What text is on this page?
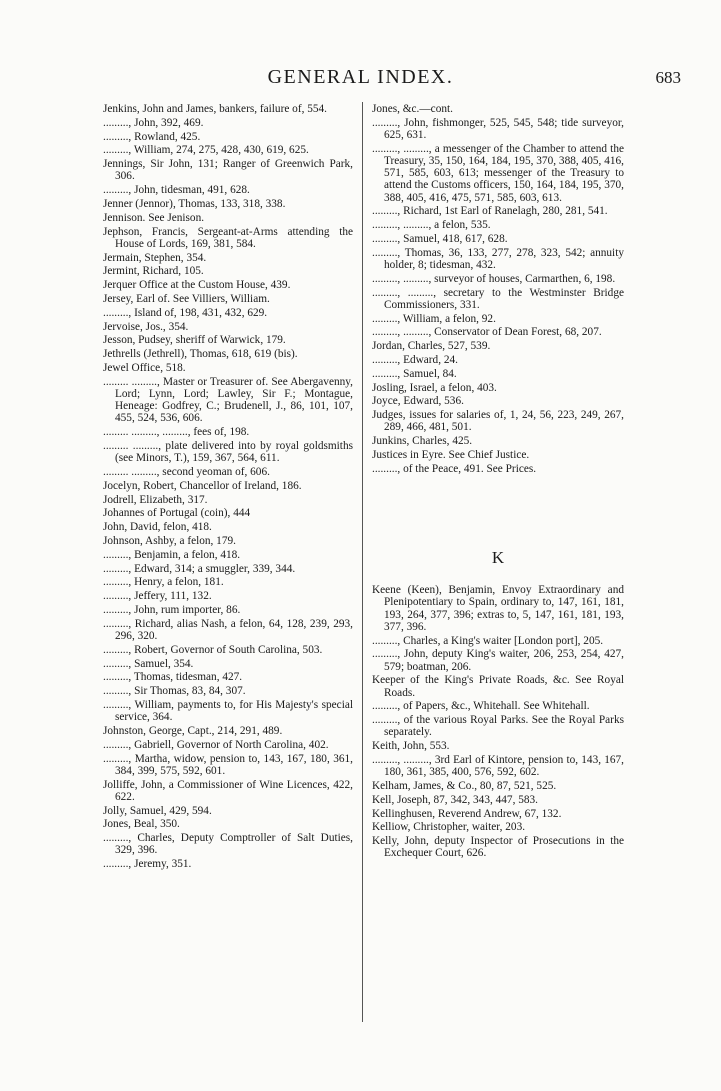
GENERAL INDEX.	683
Jenkins, John and James, bankers, failure of, 554.
........., John, 392, 469.
........., Rowland, 425.
........., William, 274, 275, 428, 430, 619, 625.
Jennings, Sir John, 131; Ranger of Greenwich Park, 306.
........., John, tidesman, 491, 628.
Jenner (Jennor), Thomas, 133, 318, 338.
Jennison. See Jenison.
Jephson, Francis, Sergeant-at-Arms attending the House of Lords, 169, 381, 584.
Jermain, Stephen, 354.
Jermint, Richard, 105.
Jerquer Office at the Custom House, 439.
Jersey, Earl of. See Villiers, William.
........., Island of, 198, 431, 432, 629.
Jervoise, Jos., 354.
Jesson, Pudsey, sheriff of Warwick, 179.
Jethrells (Jethrell), Thomas, 618, 619 (bis).
Jewel Office, 518.
......... ........., Master or Treasurer of. See Abergavenny, Lord; Lynn, Lord; Lawley, Sir F.; Montague, Heneage: Godfrey, C.; Brudenell, J., 86, 101, 107, 455, 524, 536, 606.
......... ........., ........., fees of, 198.
......... ........., plate delivered into by royal goldsmiths (see Minors, T.), 159, 367, 564, 611.
......... ........., second yeoman of, 606.
Jocelyn, Robert, Chancellor of Ireland, 186.
Jodrell, Elizabeth, 317.
Johannes of Portugal (coin), 444
John, David, felon, 418.
Johnson, Ashby, a felon, 179.
........., Benjamin, a felon, 418.
........., Edward, 314; a smuggler, 339, 344.
........., Henry, a felon, 181.
........., Jeffery, 111, 132.
........., John, rum importer, 86.
........., Richard, alias Nash, a felon, 64, 128, 239, 293, 296, 320.
........., Robert, Governor of South Carolina, 503.
........., Samuel, 354.
........., Thomas, tidesman, 427.
........., Sir Thomas, 83, 84, 307.
........., William, payments to, for His Majesty's special service, 364.
Johnston, George, Capt., 214, 291, 489.
........., Gabriell, Governor of North Carolina, 402.
........., Martha, widow, pension to, 143, 167, 180, 361, 384, 399, 575, 592, 601.
Jolliffe, John, a Commissioner of Wine Licences, 422, 622.
Jolly, Samuel, 429, 594.
Jones, Beal, 350.
........., Charles, Deputy Comptroller of Salt Duties, 329, 396.
........., Jeremy, 351.
Jones, &c.—cont.
........., John, fishmonger, 525, 545, 548; tide surveyor, 625, 631.
........., ........., a messenger of the Chamber to attend the Treasury, 35, 150, 164, 184, 195, 370, 388, 405, 416, 571, 585, 603, 613; messenger of the Treasury to attend the Customs officers, 150, 164, 184, 195, 370, 388, 405, 416, 475, 571, 585, 603, 613.
........., Richard, 1st Earl of Ranelagh, 280, 281, 541.
........., ........., a felon, 535.
........., Samuel, 418, 617, 628.
........., Thomas, 36, 133, 277, 278, 323, 542; annuity holder, 8; tidesman, 432.
........., ........., surveyor of houses, Carmarthen, 6, 198.
........., ........., secretary to the Westminster Bridge Commissioners, 331.
........., William, a felon, 92.
........., ........., Conservator of Dean Forest, 68, 207.
Jordan, Charles, 527, 539.
........., Edward, 24.
........., Samuel, 84.
Josling, Israel, a felon, 403.
Joyce, Edward, 536.
Judges, issues for salaries of, 1, 24, 56, 223, 249, 267, 289, 466, 481, 501.
Junkins, Charles, 425.
Justices in Eyre. See Chief Justice.
........., of the Peace, 491. See Prices.
K
Keene (Keen), Benjamin, Envoy Extraordinary and Plenipotentiary to Spain, ordinary to, 147, 161, 181, 193, 264, 377, 396; extras to, 5, 147, 161, 181, 193, 377, 396.
........., Charles, a King's waiter [London port], 205.
........., John, deputy King's waiter, 206, 253, 254, 427, 579; boatman, 206.
Keeper of the King's Private Roads, &c. See Royal Roads.
........., of Papers, &c., Whitehall. See Whitehall.
........., of the various Royal Parks. See the Royal Parks separately.
Keith, John, 553.
........., ........., 3rd Earl of Kintore, pension to, 143, 167, 180, 361, 385, 400, 576, 592, 602.
Kelham, James, & Co., 80, 87, 521, 525.
Kell, Joseph, 87, 342, 343, 447, 583.
Kellinghusen, Reverend Andrew, 67, 132.
Kelliow, Christopher, waiter, 203.
Kelly, John, deputy Inspector of Prosecutions in the Exchequer Court, 626.
